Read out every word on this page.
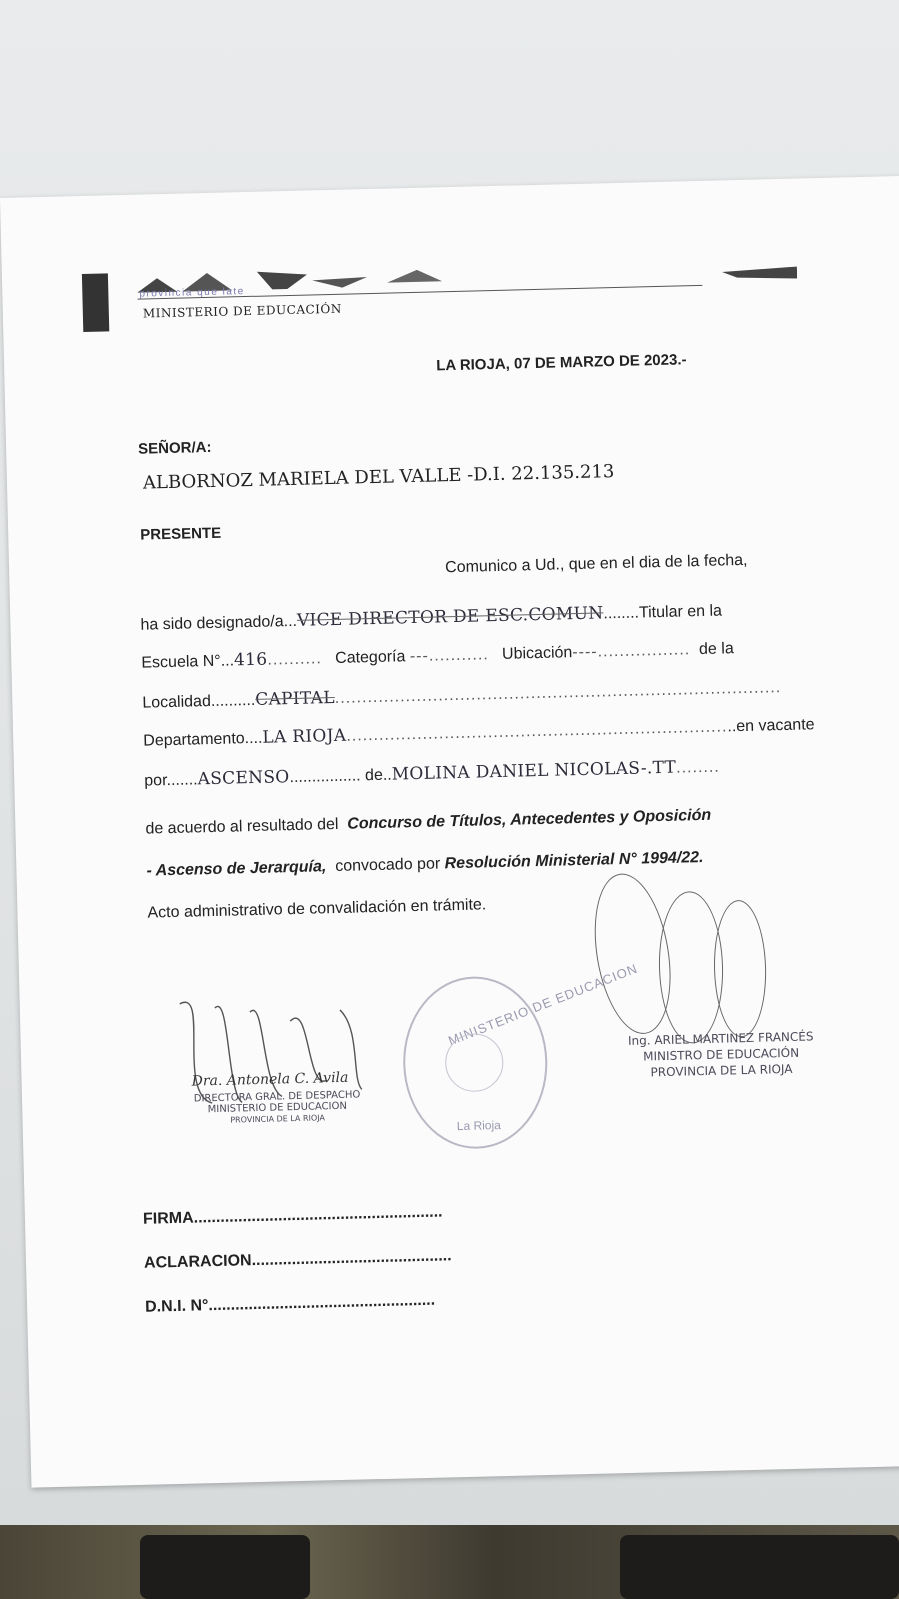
provincia que late
MINISTERIO DE EDUCACIÓN
LA RIOJA, 07 DE MARZO DE 2023.-
SEÑOR/A:
ALBORNOZ MARIELA DEL VALLE -D.I. 22.135.213
PRESENTE
Comunico a Ud., que en el dia de la fecha,
ha sido designado/a...VICE DIRECTOR DE ESC.COMUN........Titular en la
Escuela N°...416.......... Categoría ---........... Ubicación----................. de la
Localidad..........CAPITAL..................................................................................
Departamento....LA RIOJA........................................................................en vacante
por.......ASCENSO................ de..MOLINA DANIEL NICOLAS-.TT........
de acuerdo al resultado del Concurso de Títulos, Antecedentes y Oposición
- Ascenso de Jerarquía, convocado por Resolución Ministerial N° 1994/22.
Acto administrativo de convalidación en trámite.
Dra. Antonela C. Avila
DIRECTORA GRAL. DE DESPACHO
MINISTERIO DE EDUCACION
PROVINCIA DE LA RIOJA
MINISTERIO DE EDUCACION
La Rioja
Ing. ARIEL MARTINEZ FRANCÉS
MINISTRO DE EDUCACIÓN
PROVINCIA DE LA RIOJA
FIRMA........................................................
ACLARACION.............................................
D.N.I. N°...................................................
